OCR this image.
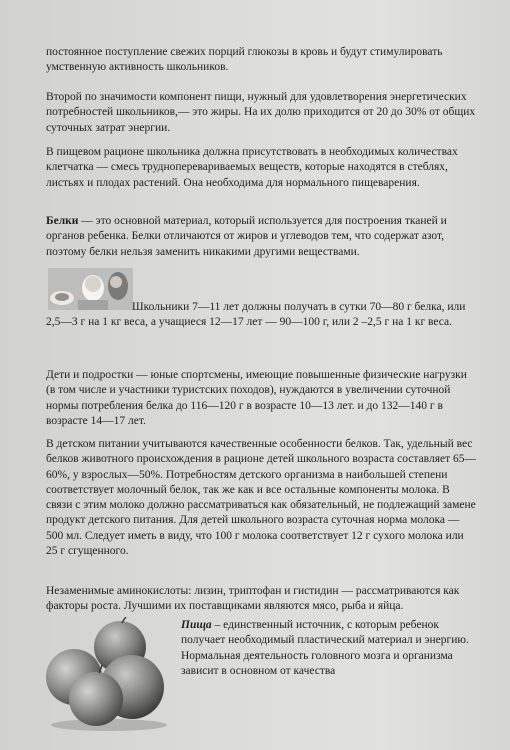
постоянное поступление свежих порций глюкозы в кровь и будут стимулировать умственную активность школьников.

Второй по значимости компонент пищи, нужный для удовлетворения энергетических потребностей школьников,— это жиры. На их долю приходится от 20 до 30% от общих суточных затрат энергии.

В пищевом рационе школьника должна присутствовать в необходимых количествах клетчатка — смесь трудноперевариваемых веществ, которые находятся в стеблях, листьях и плодах растений. Она необходима для нормального пищеварения.

Белки — это основной материал, который используется для построения тканей и органов ребенка. Белки отличаются от жиров и углеводов тем, что содержат азот, поэтому белки нельзя заменить никакими другими веществами.

Школьники 7—11 лет должны получать в сутки 70—80 г белка, или 2,5—3 г на 1 кг веса, а учащиеся 12—17 лет — 90—100 г, или 2 –2,5 г на 1 кг веса.

Дети и подростки — юные спортсмены, имеющие повышенные физические нагрузки (в том числе и участники туристских походов), нуждаются в увеличении суточной нормы потребления белка до 116—120 г в возрасте 10—13 лет. и до 132—140 г в возрасте 14—17 лет.

В детском питании учитываются качественные особенности белков. Так, удельный вес белков животного происхождения в рационе детей школьного возраста составляет 65—60%, у взрослых—50%. Потребностям детского организма в наибольшей степени соответствует молочный белок, так же как и все остальные компоненты молока. В связи с этим молоко должно рассматриваться как обязательный, не подлежащий замене продукт детского питания. Для детей школьного возраста суточная норма молока — 500 мл. Следует иметь в виду, что 100 г молока соответствует 12 г сухого молока или 25 г сгущенного.

Незаменимые аминокислоты: лизин, триптофан и гистидин — рассматриваются как факторы роста. Лучшими их поставщиками являются мясо, рыба и яйца.

Пища – единственный источник, с которым ребенок получает необходимый пластический материал и энергию. Нормальная деятельность головного мозга и организма зависит в основном от качества
